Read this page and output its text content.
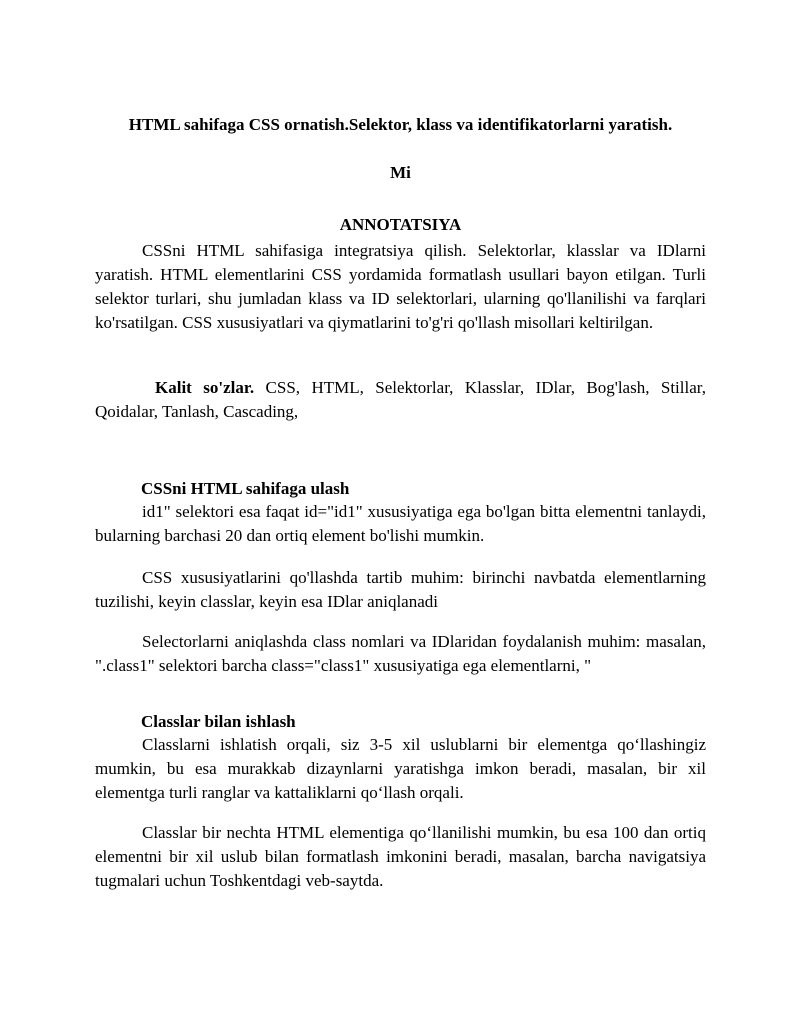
HTML sahifaga CSS ornatish.Selektor, klass va identifikatorlarni yaratish.

Mi

ANNOTATSIYA

CSSni HTML sahifasiga integratsiya qilish. Selektorlar, klasslar va IDlarni yaratish. HTML elementlarini CSS yordamida formatlash usullari bayon etilgan. Turli selektor turlari, shu jumladan klass va ID selektorlari, ularning qo'llanilishi va farqlari ko'rsatilgan. CSS xususiyatlari va qiymatlarini to'g'ri qo'llash misollari keltirilgan.

Kalit so'zlar. CSS, HTML, Selektorlar, Klasslar, IDlar, Bog'lash, Stillar, Qoidalar, Tanlash, Cascading,

CSSni HTML sahifaga ulash

id1" selektori esa faqat id="id1" xususiyatiga ega bo'lgan bitta elementni tanlaydi, bularning barchasi 20 dan ortiq element bo'lishi mumkin.

CSS xususiyatlarini qo'llashda tartib muhim: birinchi navbatda elementlarning tuzilishi, keyin classlar, keyin esa IDlar aniqlanadi

Selectorlarni aniqlashda class nomlari va IDlaridan foydalanish muhim: masalan, ".class1" selektori barcha class="class1" xususiyatiga ega elementlarni, "

Classlar bilan ishlash

Classlarni ishlatish orqali, siz 3-5 xil uslublarni bir elementga qo‘llashingiz mumkin, bu esa murakkab dizaynlarni yaratishga imkon beradi, masalan, bir xil elementga turli ranglar va kattaliklarni qo‘llash orqali.

Classlar bir nechta HTML elementiga qo‘llanilishi mumkin, bu esa 100 dan ortiq elementni bir xil uslub bilan formatlash imkonini beradi, masalan, barcha navigatsiya tugmalari uchun Toshkentdagi veb-saytda.
